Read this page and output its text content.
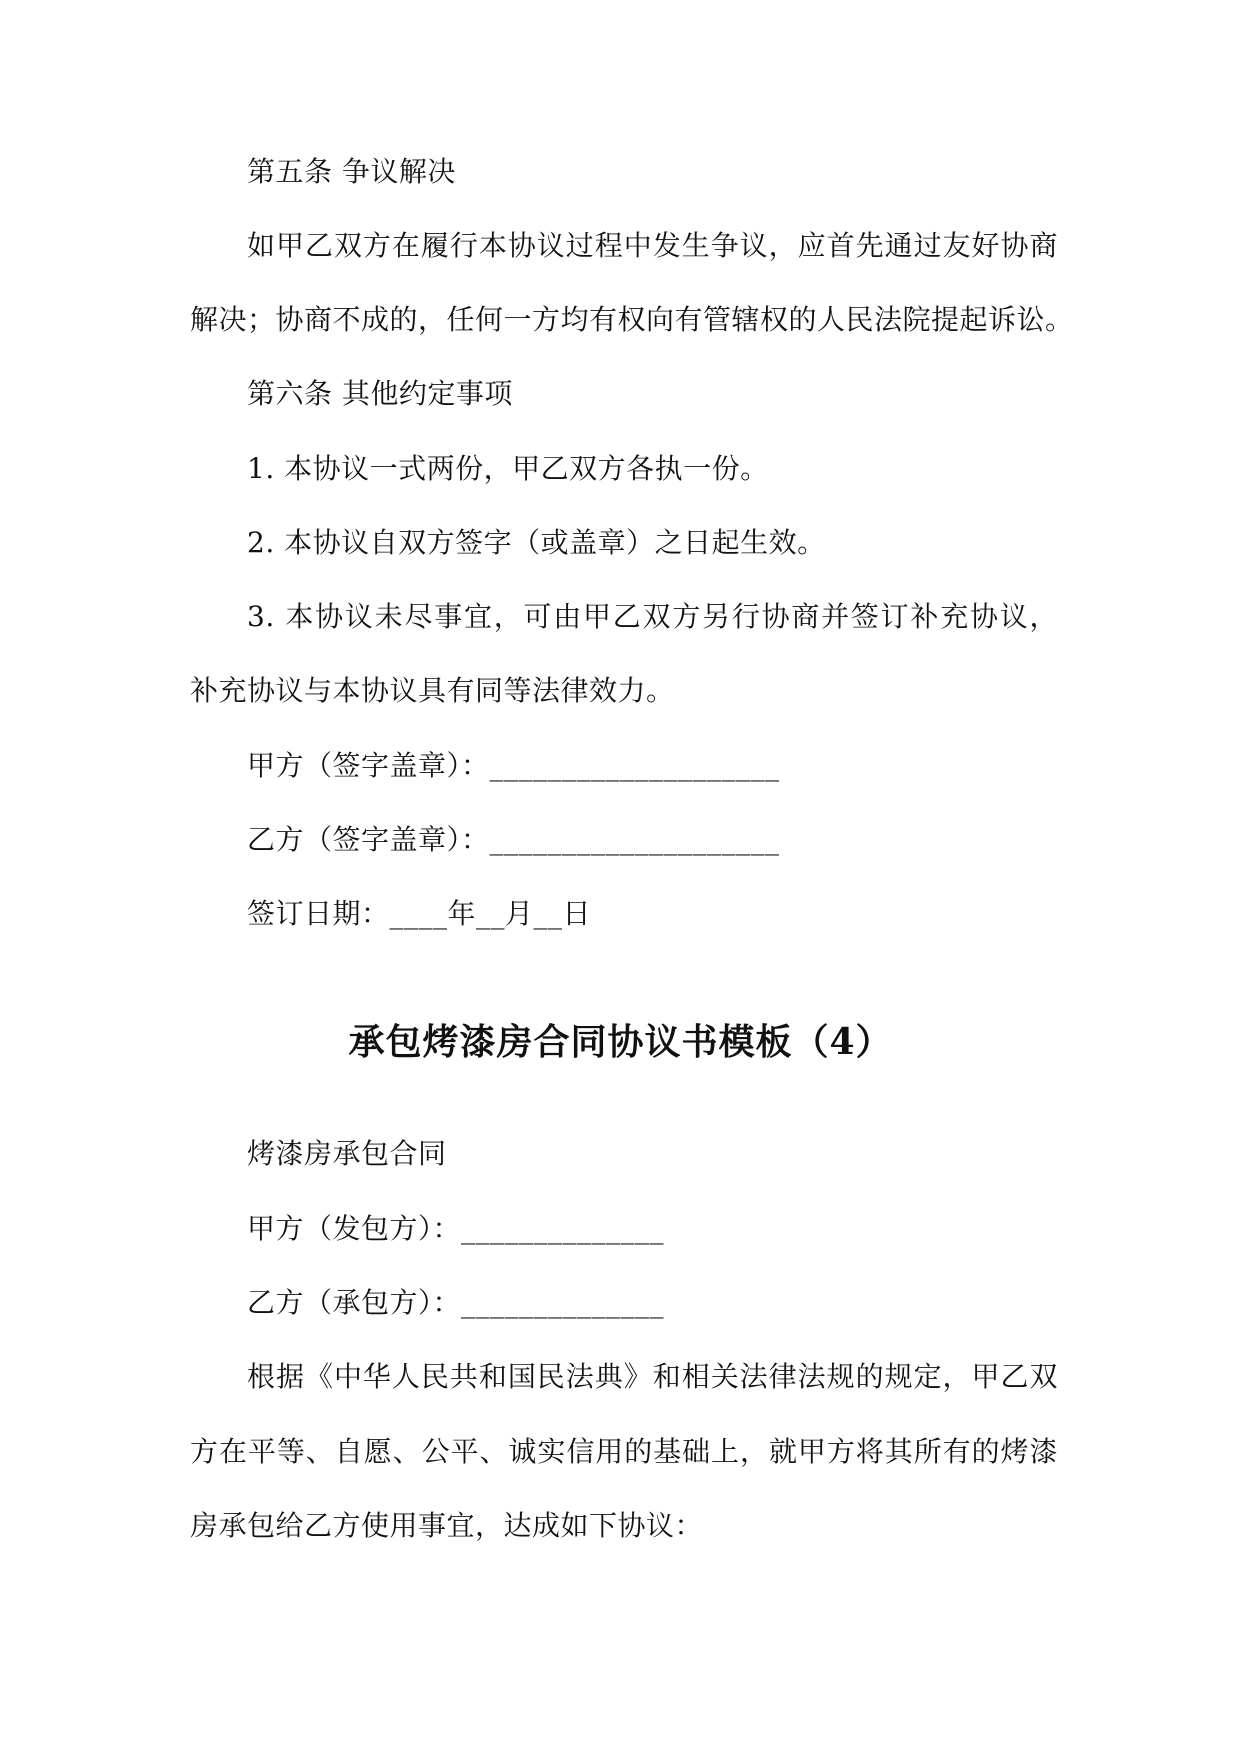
第五条 争议解决
如甲乙双方在履行本协议过程中发生争议，应首先通过友好协商
解决；协商不成的，任何一方均有权向有管辖权的人民法院提起诉讼。
第六条 其他约定事项
1. 本协议一式两份，甲乙双方各执一份。
2. 本协议自双方签字（或盖章）之日起生效。
3. 本协议未尽事宜，可由甲乙双方另行协商并签订补充协议，
补充协议与本协议具有同等法律效力。
甲方（签字盖章）：____________________
乙方（签字盖章）：____________________
签订日期：____年__月__日
承包烤漆房合同协议书模板（4）
烤漆房承包合同
甲方（发包方）：______________
乙方（承包方）：______________
根据《中华人民共和国民法典》和相关法律法规的规定，甲乙双
方在平等、自愿、公平、诚实信用的基础上，就甲方将其所有的烤漆
房承包给乙方使用事宜，达成如下协议：
